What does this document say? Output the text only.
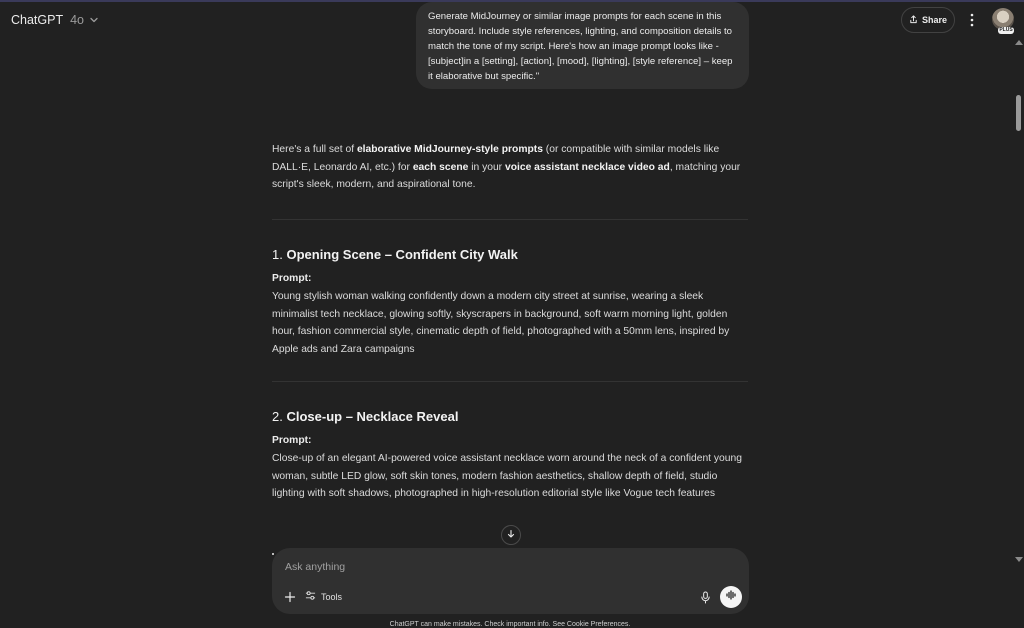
ChatGPT 4o	Share
PLUS
Generate MidJourney or similar image prompts for each scene in this storyboard. Include style references, lighting, and composition details to match the tone of my script. Here's how an image prompt looks like - [subject]in a [setting], [action], [mood], [lighting], [style reference] – keep it elaborative but specific."
Here's a full set of elaborative MidJourney-style prompts (or compatible with similar models like DALL·E, Leonardo AI, etc.) for each scene in your voice assistant necklace video ad, matching your script's sleek, modern, and aspirational tone.
1. Opening Scene – Confident City Walk
Prompt:
Young stylish woman walking confidently down a modern city street at sunrise, wearing a sleek minimalist tech necklace, glowing softly, skyscrapers in background, soft warm morning light, golden hour, fashion commercial style, cinematic depth of field, photographed with a 50mm lens, inspired by Apple ads and Zara campaigns
2. Close-up – Necklace Reveal
Prompt:
Close-up of an elegant AI-powered voice assistant necklace worn around the neck of a confident young woman, subtle LED glow, soft skin tones, modern fashion aesthetics, shallow depth of field, studio lighting with soft shadows, photographed in high-resolution editorial style like Vogue tech features
Ask anything
Tools
ChatGPT can make mistakes. Check important info. See Cookie Preferences.
